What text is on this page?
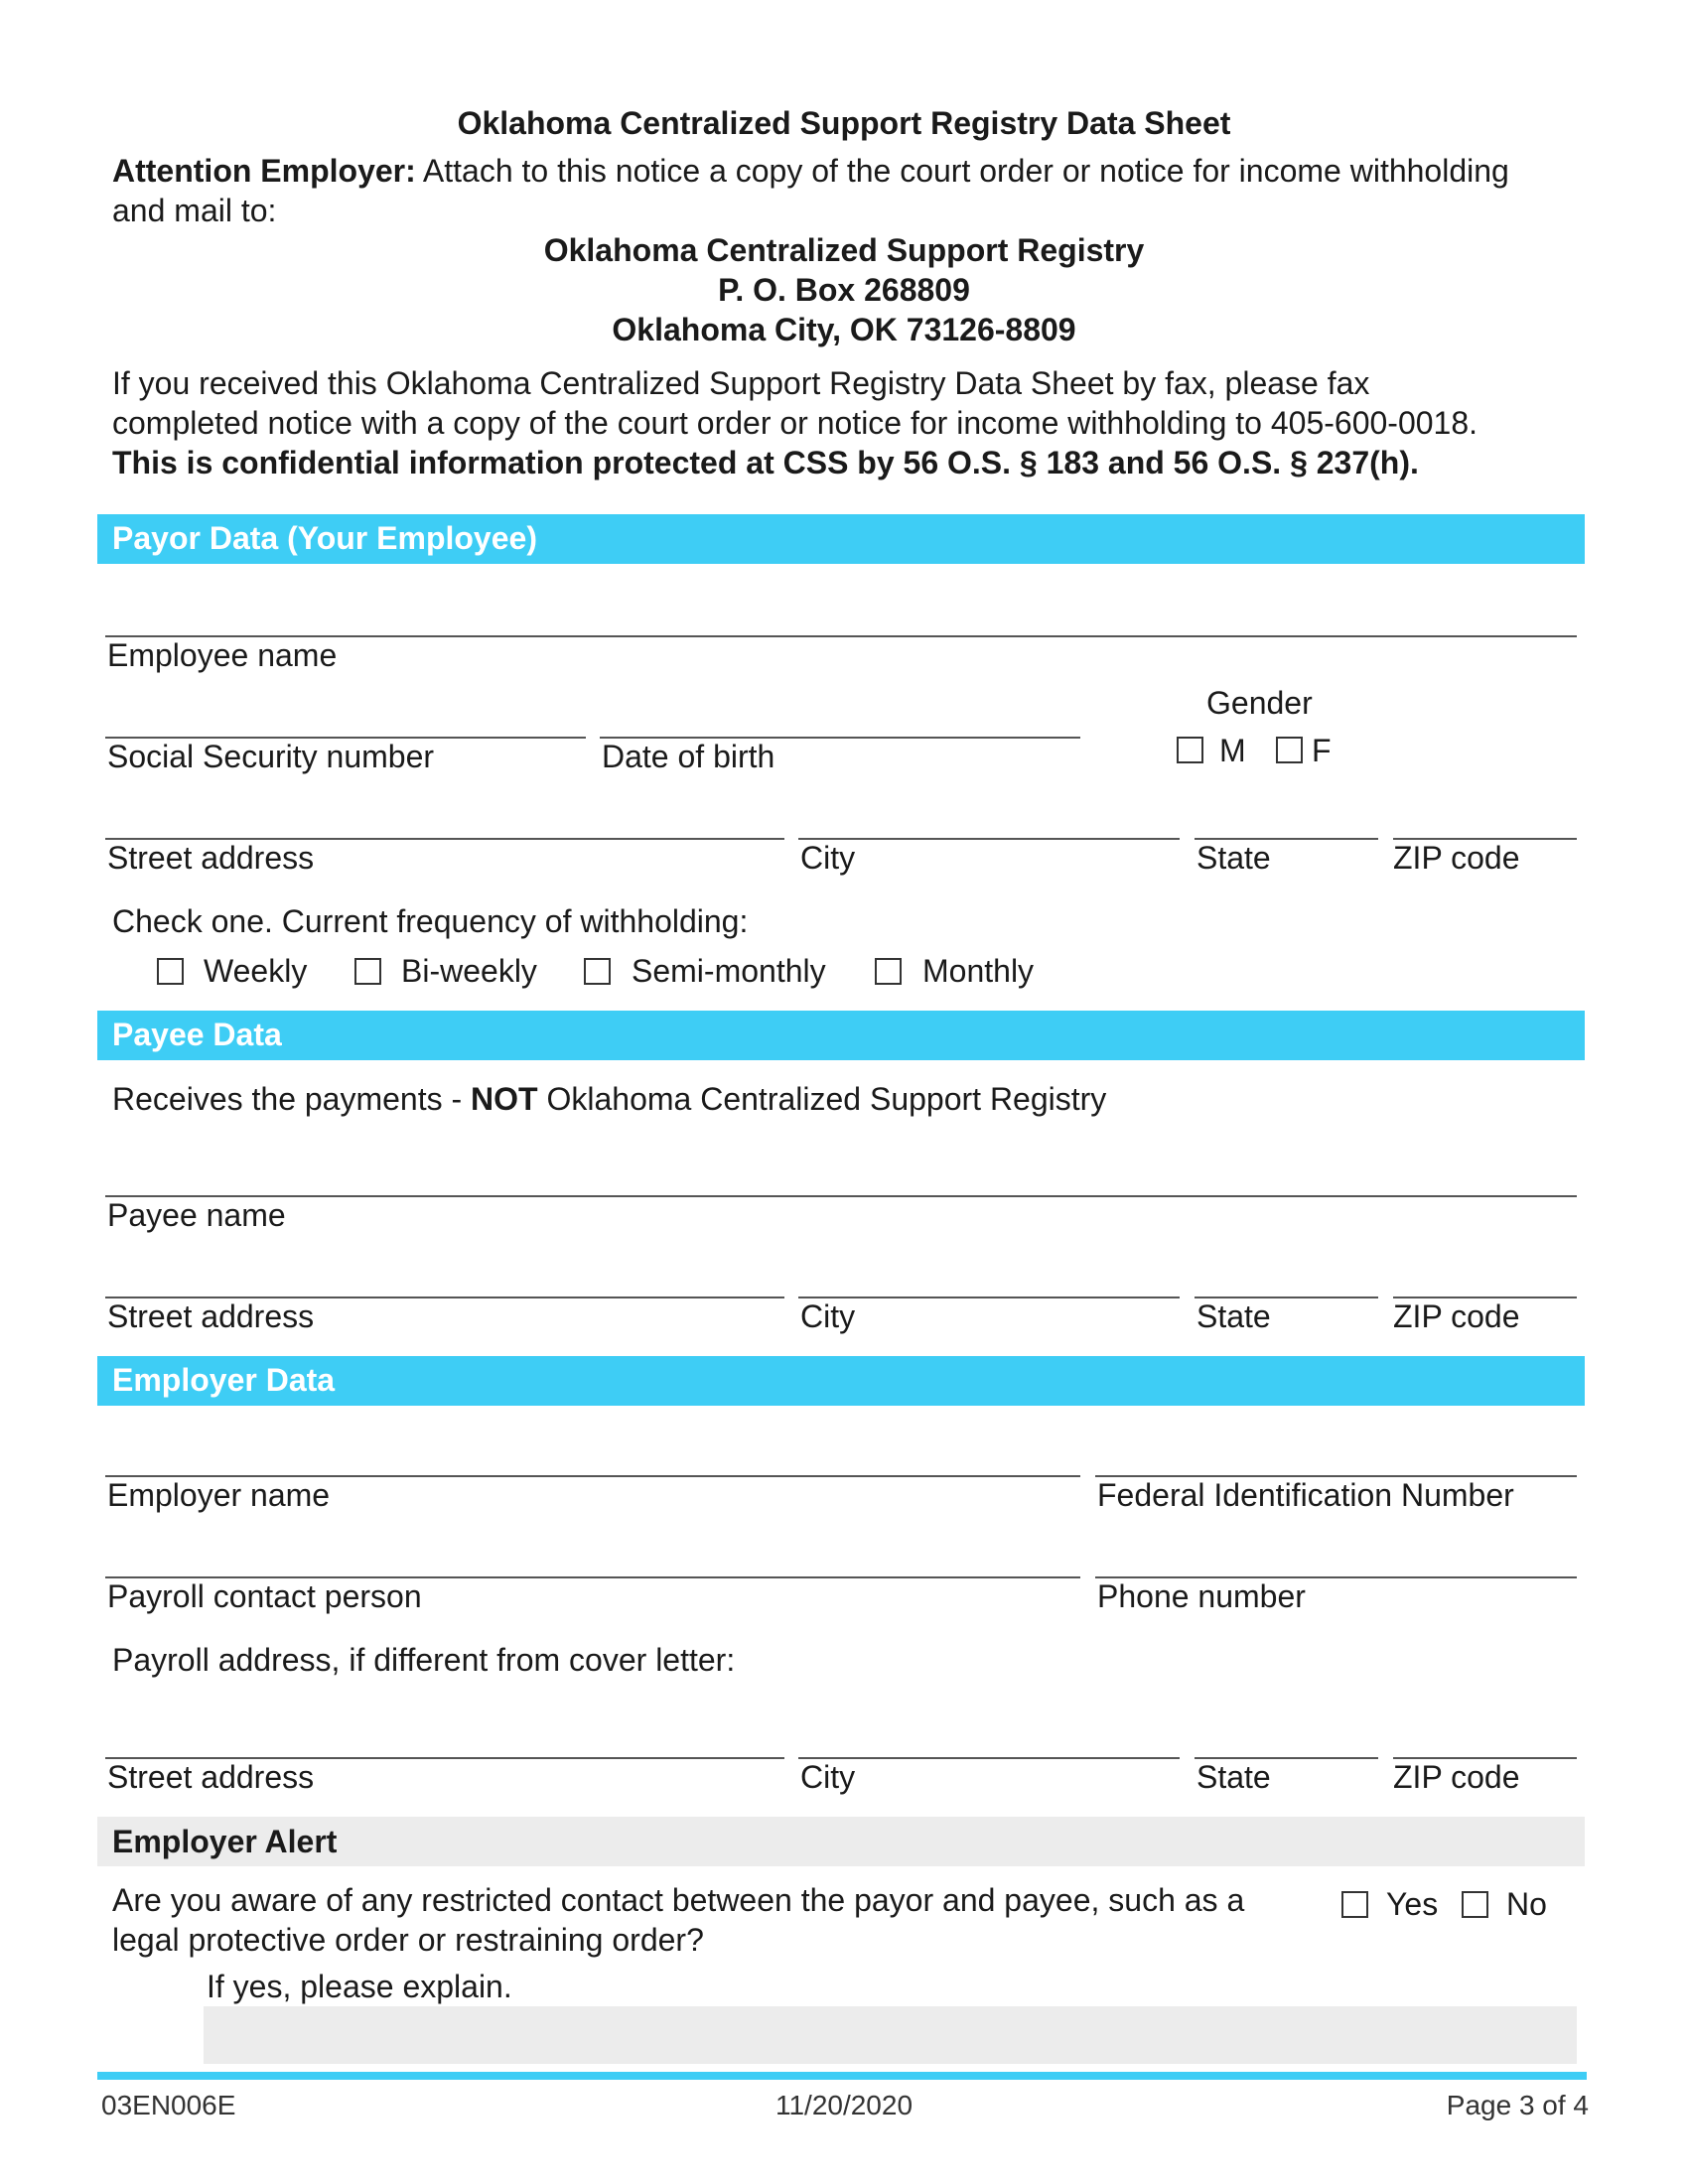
Oklahoma Centralized Support Registry Data Sheet
Attention Employer: Attach to this notice a copy of the court order or notice for income withholding
and mail to:
Oklahoma Centralized Support Registry
P. O. Box 268809
Oklahoma City, OK 73126-8809
If you received this Oklahoma Centralized Support Registry Data Sheet by fax, please fax
completed notice with a copy of the court order or notice for income withholding to 405-600-0018.
This is confidential information protected at CSS by 56 O.S. § 183 and 56 O.S. § 237(h).
Payor Data (Your Employee)
Employee name
Social Security number	Date of birth
Gender
M F
Street address	City	State	ZIP code
Check one. Current frequency of withholding:
Weekly	Bi-weekly	Semi-monthly	Monthly
Payee Data
Receives the payments - NOT Oklahoma Centralized Support Registry
Payee name
Street address	City	State	ZIP code
Employer Data
Employer name	Federal Identification Number
Payroll contact person	Phone number
Payroll address, if different from cover letter:
Street address	City	State	ZIP code
Employer Alert
Are you aware of any restricted contact between the payor and payee, such as a
legal protective order or restraining order?
Yes No
If yes, please explain.
03EN006E	11/20/2020	Page 3 of 4
